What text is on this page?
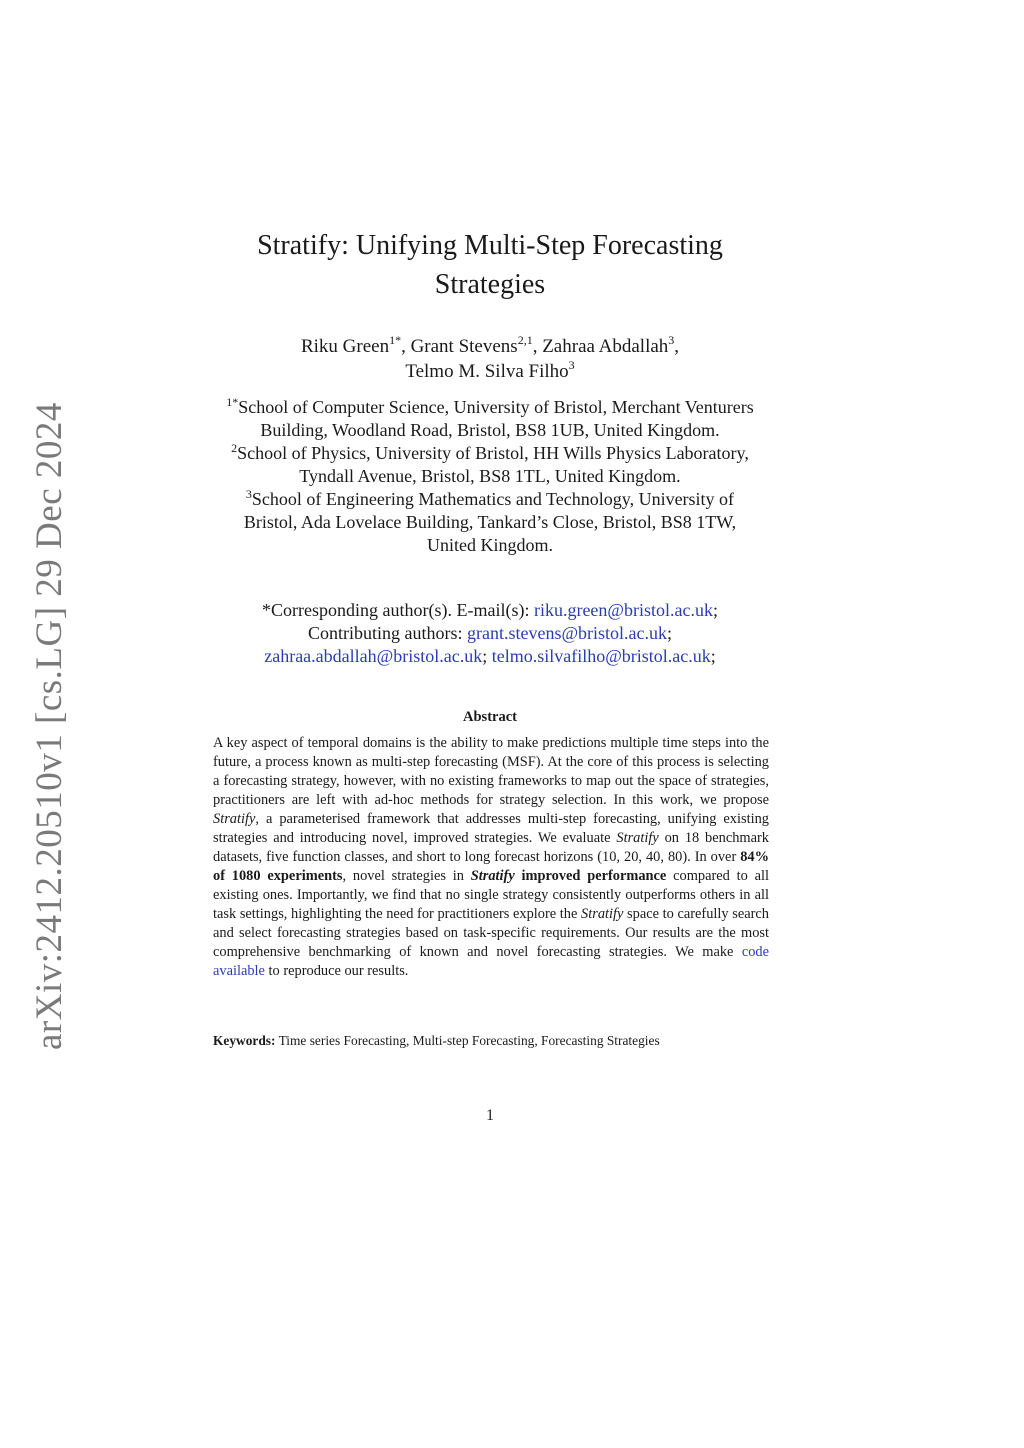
arXiv:2412.20510v1 [cs.LG] 29 Dec 2024
Stratify: Unifying Multi-Step Forecasting
Strategies
Riku Green$^{1*}$, Grant Stevens$^{2,1}$, Zahraa Abdallah$^3$,
Telmo M. Silva Filho$^3$
$^{1*}$School of Computer Science, University of Bristol, Merchant Venturers
Building, Woodland Road, Bristol, BS8 1UB, United Kingdom.
$^2$School of Physics, University of Bristol, HH Wills Physics Laboratory,
Tyndall Avenue, Bristol, BS8 1TL, United Kingdom.
$^3$School of Engineering Mathematics and Technology, University of
Bristol, Ada Lovelace Building, Tankard’s Close, Bristol, BS8 1TW,
United Kingdom.
*Corresponding author(s). E-mail(s): riku.green@bristol.ac.uk;
Contributing authors: grant.stevens@bristol.ac.uk;
zahraa.abdallah@bristol.ac.uk; telmo.silvafilho@bristol.ac.uk;
Abstract
A key aspect of temporal domains is the ability to make predictions multiple time steps into the future, a process known as multi-step forecasting (MSF). At the core of this process is selecting a forecasting strategy, however, with no existing frameworks to map out the space of strategies, practitioners are left with ad-hoc methods for strategy selection. In this work, we propose Stratify, a parameterised framework that addresses multi-step forecasting, unifying existing strategies and introducing novel, improved strategies. We evaluate Stratify on 18 benchmark datasets, five function classes, and short to long forecast horizons (10, 20, 40, 80). In over 84% of 1080 experiments, novel strategies in Stratify improved performance compared to all existing ones. Importantly, we find that no single strategy consistently outperforms others in all task settings, highlighting the need for practitioners explore the Stratify space to carefully search and select forecasting strategies based on task-specific requirements. Our results are the most comprehensive benchmarking of known and novel forecasting strategies. We make code available to reproduce our results.
Keywords: Time series Forecasting, Multi-step Forecasting, Forecasting Strategies
1
